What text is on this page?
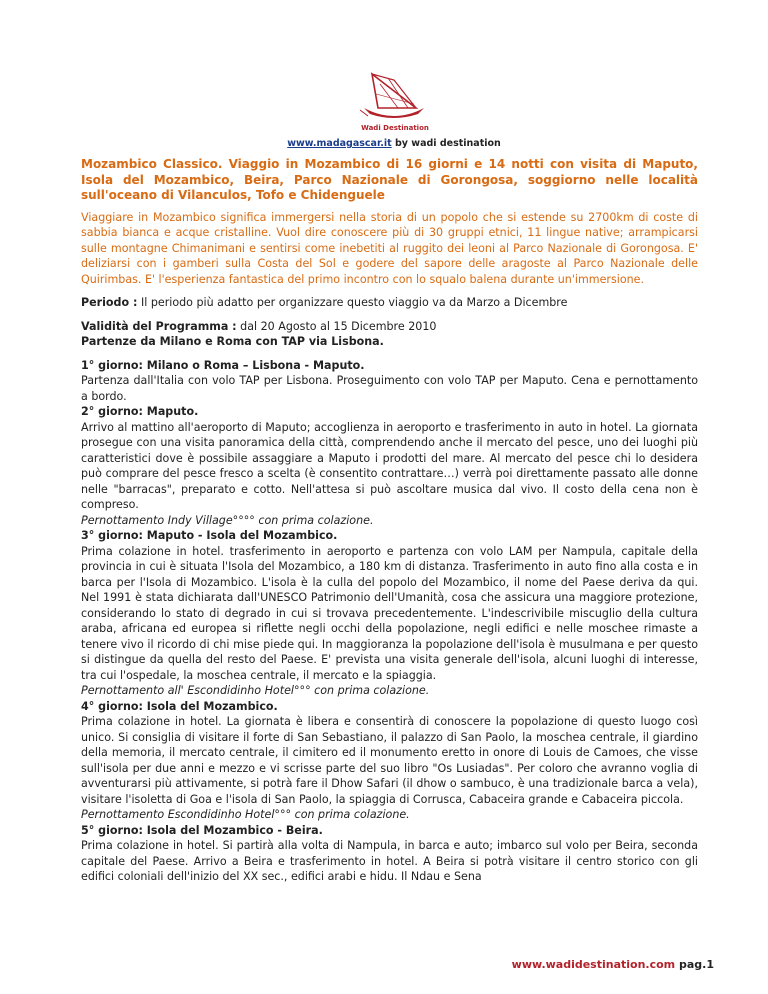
Wadi Destination
www.madagascar.it by wadi destination

Mozambico Classico. Viaggio in Mozambico di 16 giorni e 14 notti con visita di Maputo, Isola del Mozambico, Beira, Parco Nazionale di Gorongosa, soggiorno nelle località sull'oceano di Vilanculos, Tofo e Chidenguele

Viaggiare in Mozambico significa immergersi nella storia di un popolo che si estende su 2700km di coste di sabbia bianca e acque cristalline. Vuol dire conoscere più di 30 gruppi etnici, 11 lingue native; arrampicarsi sulle montagne Chimanimani e sentirsi come inebetiti al ruggito dei leoni al Parco Nazionale di Gorongosa. E' deliziarsi con i gamberi sulla Costa del Sol e godere del sapore delle aragoste al Parco Nazionale delle Quirimbas. E' l'esperienza fantastica del primo incontro con lo squalo balena durante un'immersione.

Periodo : Il periodo più adatto per organizzare questo viaggio va da Marzo a Dicembre

Validità del Programma : dal 20 Agosto al 15 Dicembre 2010

Partenze da Milano e Roma con TAP via Lisbona.

1° giorno: Milano o Roma – Lisbona - Maputo.

Partenza dall'Italia con volo TAP per Lisbona. Proseguimento con volo TAP per Maputo. Cena e pernottamento a bordo.

2° giorno: Maputo.

Arrivo al mattino all'aeroporto di Maputo; accoglienza in aeroporto e trasferimento in auto in hotel. La giornata prosegue con una visita panoramica della città, comprendendo anche il mercato del pesce, uno dei luoghi più caratteristici dove è possibile assaggiare a Maputo i prodotti del mare. Al mercato del pesce chi lo desidera può comprare del pesce fresco a scelta (è consentito contrattare…) verrà poi direttamente passato alle donne nelle "barracas", preparato e cotto. Nell'attesa si può ascoltare musica dal vivo. Il costo della cena non è compreso.

Pernottamento Indy Village°°°° con prima colazione.

3° giorno: Maputo - Isola del Mozambico.

Prima colazione in hotel. trasferimento in aeroporto e partenza con volo LAM per Nampula, capitale della provincia in cui è situata l'Isola del Mozambico, a 180 km di distanza. Trasferimento in auto fino alla costa e in barca per l'Isola di Mozambico. L'isola è la culla del popolo del Mozambico, il nome del Paese deriva da qui. Nel 1991 è stata dichiarata dall'UNESCO Patrimonio dell'Umanità, cosa che assicura una maggiore protezione, considerando lo stato di degrado in cui si trovava precedentemente. L'indescrivibile miscuglio della cultura araba, africana ed europea si riflette negli occhi della popolazione, negli edifici e nelle moschee rimaste a tenere vivo il ricordo di chi mise piede qui. In maggioranza la popolazione dell'isola è musulmana e per questo si distingue da quella del resto del Paese. E' prevista una visita generale dell'isola, alcuni luoghi di interesse, tra cui l'ospedale, la moschea centrale, il mercato e la spiaggia.

Pernottamento all' Escondidinho Hotel°°° con prima colazione.

4° giorno: Isola del Mozambico.

Prima colazione in hotel. La giornata è libera e consentirà di conoscere la popolazione di questo luogo così unico. Si consiglia di visitare il forte di San Sebastiano, il palazzo di San Paolo, la moschea centrale, il giardino della memoria, il mercato centrale, il cimitero ed il monumento eretto in onore di Louis de Camoes, che visse sull'isola per due anni e mezzo e vi scrisse parte del suo libro "Os Lusiadas". Per coloro che avranno voglia di avventurarsi più attivamente, si potrà fare il Dhow Safari (il dhow o sambuco, è una tradizionale barca a vela), visitare l'isoletta di Goa e l'isola di San Paolo, la spiaggia di Corrusca, Cabaceira grande e Cabaceira piccola.

Pernottamento Escondidinho Hotel°°° con prima colazione.

5° giorno: Isola del Mozambico - Beira.

Prima colazione in hotel. Si partirà alla volta di Nampula, in barca e auto; imbarco sul volo per Beira, seconda capitale del Paese. Arrivo a Beira e trasferimento in hotel. A Beira si potrà visitare il centro storico con gli edifici coloniali dell'inizio del XX sec., edifici arabi e hidu. Il Ndau e Sena

www.wadidestination.com pag.1
